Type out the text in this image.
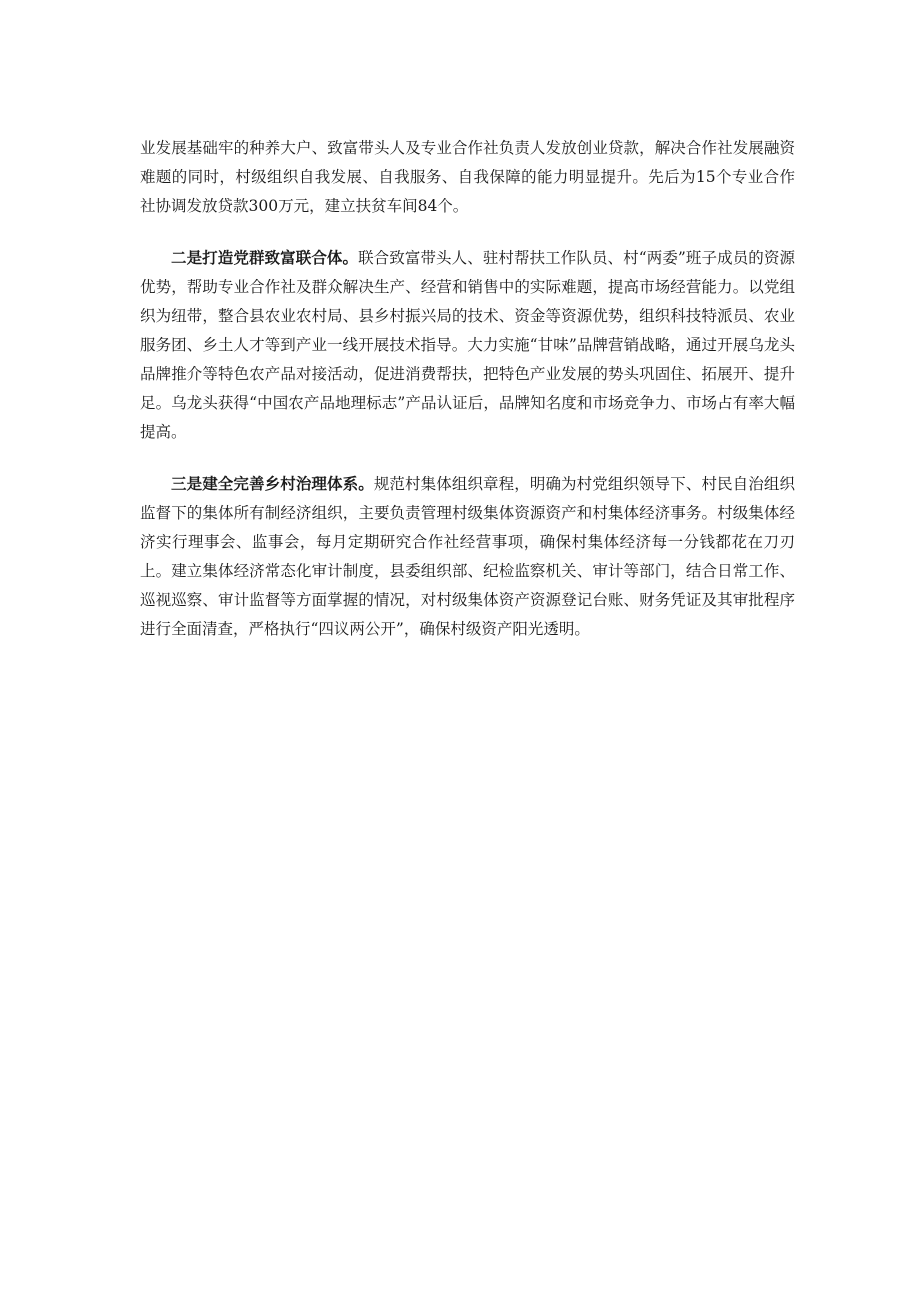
业发展基础牢的种养大户、致富带头人及专业合作社负责人发放创业贷款，解决合作社发展融资难题的同时，村级组织自我发展、自我服务、自我保障的能力明显提升。先后为15个专业合作社协调发放贷款300万元，建立扶贫车间84个。

二是打造党群致富联合体。联合致富带头人、驻村帮扶工作队员、村“两委”班子成员的资源优势，帮助专业合作社及群众解决生产、经营和销售中的实际难题，提高市场经营能力。以党组织为纽带，整合县农业农村局、县乡村振兴局的技术、资金等资源优势，组织科技特派员、农业服务团、乡土人才等到产业一线开展技术指导。大力实施“甘味”品牌营销战略，通过开展乌龙头品牌推介等特色农产品对接活动，促进消费帮扶，把特色产业发展的势头巩固住、拓展开、提升足。乌龙头获得“中国农产品地理标志”产品认证后，品牌知名度和市场竞争力、市场占有率大幅提高。

三是建全完善乡村治理体系。规范村集体组织章程，明确为村党组织领导下、村民自治组织监督下的集体所有制经济组织，主要负责管理村级集体资源资产和村集体经济事务。村级集体经济实行理事会、监事会，每月定期研究合作社经营事项，确保村集体经济每一分钱都花在刀刃上。建立集体经济常态化审计制度，县委组织部、纪检监察机关、审计等部门，结合日常工作、巡视巡察、审计监督等方面掌握的情况，对村级集体资产资源登记台账、财务凭证及其审批程序进行全面清查，严格执行“四议两公开”，确保村级资产阳光透明。
